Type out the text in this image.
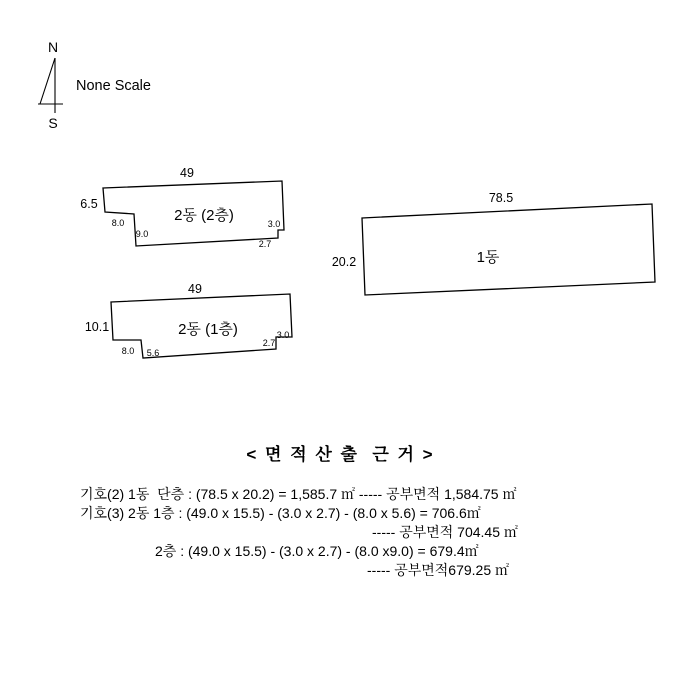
N
S
None Scale
49
6.5
8.0
9.0
3.0
2.7
2동 (2층)
78.5
20.2	1동
49
10.1
8.0 5.6
2.7
3.0
2동 (1층)
< 면 적 산 출  근 거 >
기호(2) 1동  단층 : (78.5 x 20.2) = 1,585.7 ㎡ ----- 공부면적 1,584.75 ㎡
기호(3) 2동 1층 : (49.0 x 15.5) - (3.0 x 2.7) - (8.0 x 5.6) = 706.6㎡
----- 공부면적 704.45 ㎡
2층 : (49.0 x 15.5) - (3.0 x 2.7) - (8.0 x9.0) = 679.4㎡
----- 공부면적679.25 ㎡
